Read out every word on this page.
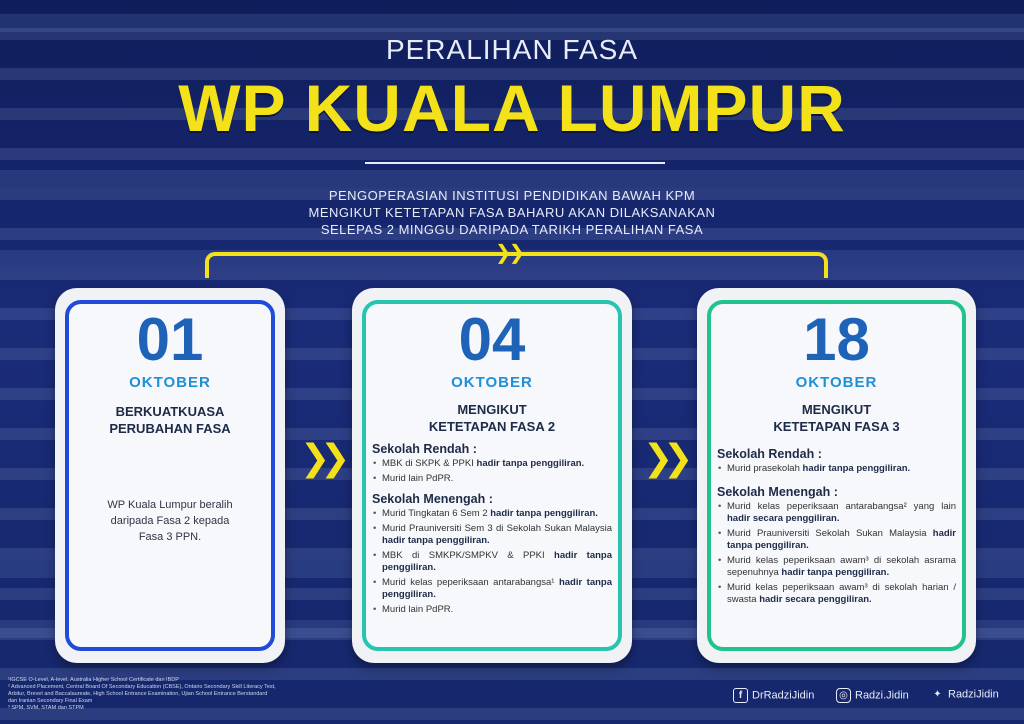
PERALIHAN FASA
WP KUALA LUMPUR
PENGOPERASIAN INSTITUSI PENDIDIKAN BAWAH KPM
MENGIKUT KETETAPAN FASA BAHARU AKAN DILAKSANAKAN
SELEPAS 2 MINGGU DARIPADA TARIKH PERALIHAN FASA
❯❯
01
OKTOBER
BERKUATKUASA
PERUBAHAN FASA
WP Kuala Lumpur beralih
daripada Fasa 2 kepada
Fasa 3 PPN.
❯❯
04
OKTOBER
MENGIKUT
KETETAPAN FASA 2
Sekolah Rendah :
• MBK di SKPK & PPKI hadir tanpa penggiliran.
• Murid lain PdPR.
Sekolah Menengah :
• Murid Tingkatan 6 Sem 2 hadir tanpa penggiliran.
• Murid Prauniversiti Sem 3 di Sekolah Sukan Malaysia hadir tanpa penggiliran.
• MBK di SMKPK/SMPKV & PPKI hadir tanpa penggiliran.
• Murid kelas peperiksaan antarabangsa¹ hadir tanpa penggiliran.
• Murid lain PdPR.
❯❯
18
OKTOBER
MENGIKUT
KETETAPAN FASA 3
Sekolah Rendah :
• Murid prasekolah hadir tanpa penggiliran.
Sekolah Menengah :
• Murid kelas peperiksaan antarabangsa² yang lain hadir secara penggiliran.
• Murid Prauniversiti Sekolah Sukan Malaysia hadir tanpa penggiliran.
• Murid kelas peperiksaan awam³ di sekolah asrama sepenuhnya hadir tanpa penggiliran.
• Murid kelas peperiksaan awam³ di sekolah harian / swasta hadir secara penggiliran.
¹IGCSE O-Level, A-level, Australia Higher School Certificate dan IBDP
² Advanced Placement, Central Board Of Secondary Education (CBSE), Ontario Secondary Skill Literacy Test,
Arbitur, Brevet and Baccalaureate, High School Entrance Examination, Ujian School Entrance Berstandard
dan Iranian Secondary Final Exam
³ SPM, SVM, STAM dan STPM
f DrRadziJidin	◎ Radzi.Jidin ✦ RadziJidin
